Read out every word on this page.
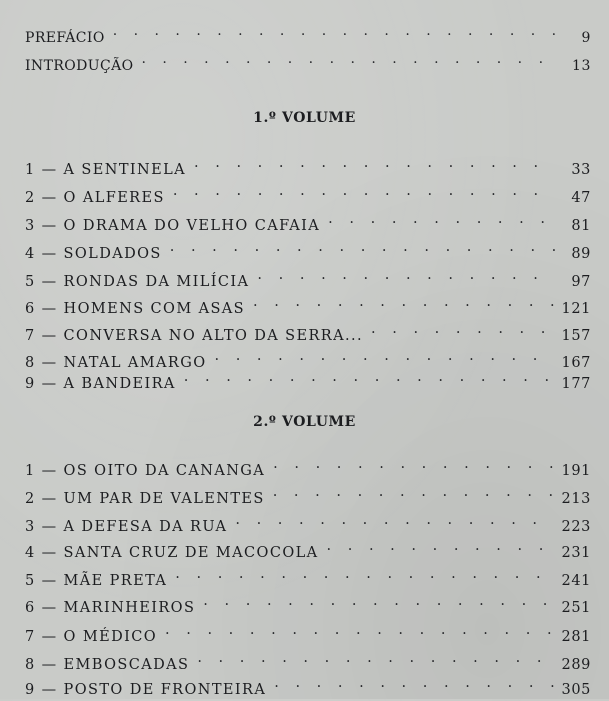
PREFÁCIO . . .	9
INTRODUÇÃO . . .	13
1.º VOLUME
1 — A SENTINELA . . .	33
2 — O ALFERES . . .	47
3 — O DRAMA DO VELHO CAFAIA . . .	81
4 — SOLDADOS . . .	89
5 — RONDAS DA MILÍCIA . . .	97
6 — HOMENS COM ASAS . . .	121
7 — CONVERSA NO ALTO DA SERRA... . . .	157
8 — NATAL AMARGO . . .	167
9 — A BANDEIRA . . .	177
2.º VOLUME
1 — OS OITO DA CANANGA . . .	191
2 — UM PAR DE VALENTES . . .	213
3 — A DEFESA DA RUA . . .	223
4 — SANTA CRUZ DE MACOCOLA . . .	231
5 — MÃE PRETA . . .	241
6 — MARINHEIROS . . .	251
7 — O MÉDICO . . .	281
8 — EMBOSCADAS . . .	289
9 — POSTO DE FRONTEIRA . . .	305
